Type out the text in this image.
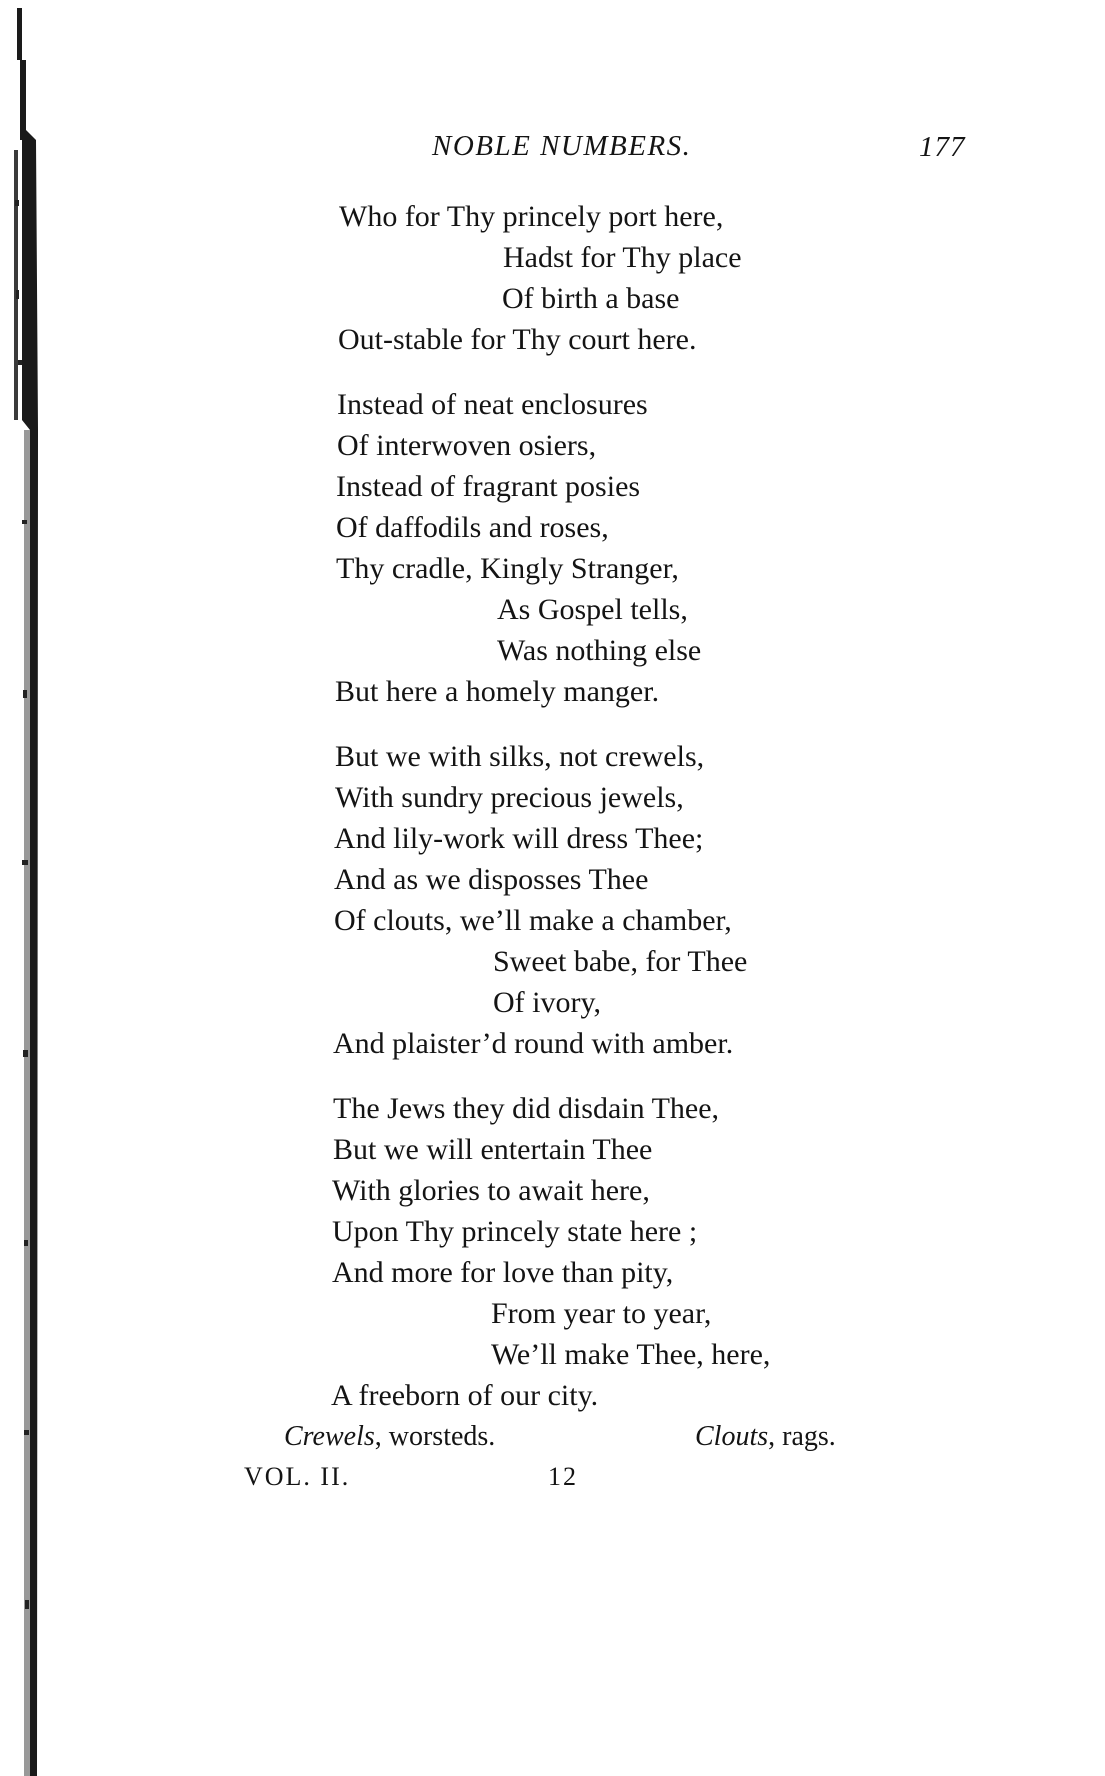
NOBLE NUMBERS.	177
Who for Thy princely port here,
Hadst for Thy place
Of birth a base
Out-stable for Thy court here.
Instead of neat enclosures
Of interwoven osiers,
Instead of fragrant posies
Of daffodils and roses,
Thy cradle, Kingly Stranger,
As Gospel tells,
Was nothing else
But here a homely manger.
But we with silks, not crewels,
With sundry precious jewels,
And lily-work will dress Thee;
And as we disposses Thee
Of clouts, we’ll make a chamber,
Sweet babe, for Thee
Of ivory,
And plaister’d round with amber.
The Jews they did disdain Thee,
But we will entertain Thee
With glories to await here,
Upon Thy princely state here ;
And more for love than pity,
From year to year,
We’ll make Thee, here,
A freeborn of our city.
Crewels, worsteds.	Clouts, rags.
VOL. II.	12
